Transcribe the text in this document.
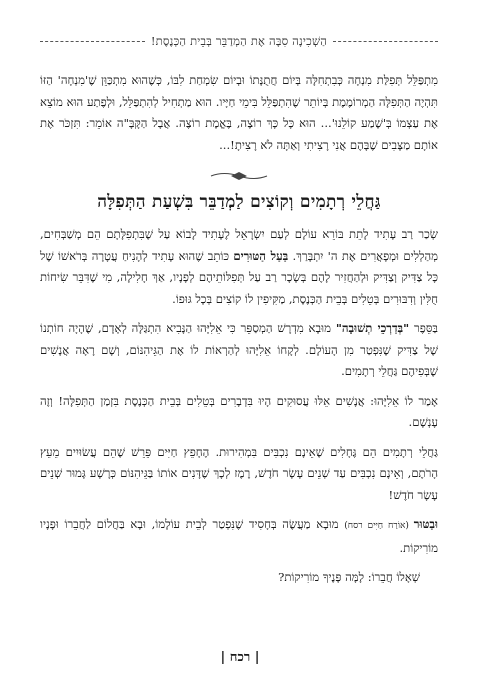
הַשְׁכִינָה סִבָּה אֶת הַמְדַבֵּר בְּבֵית הַכְּנֶסֶת!

מִתְפַּלֵּל תְּפִלַּת מִנְחָה כְּבִתְחִלָּה בְּיוֹם חֲתֻנָּתוֹ וּבְיוֹם שִׂמְחַת לִבּוֹ, כְּשֶׁהוּא מִתְכַּוֵּן שֶׁ'מִנְחָה' הַזּוֹ תִּהְיֶה הַתְּפִלָּה הַמְרוֹמֶמֶת בְּיוֹתֵר שֶׁהִתְפַּלֵּל בִּימֵי חַיָּיו. הוּא מַתְחִיל לְהִתְפַּלֵּל, וּלְפֶתַע הוּא מוֹצֵא אֶת עַצְמוֹ בְּ'שֶׁמַע קוֹלֵנוּ'... הוּא כָּל כָּךְ רוֹצֶה, בֶּאֱמֶת רוֹצֶה. אֲבָל הַקָּבָּ"ה אוֹמֵר: תִּזְכֹּר אֶת אוֹתָם מַצָּבִים שֶׁבָּהֶם אֲנִי רָצִיתִי וְאַתָּה לֹא רָצִיתָ!...

גַּחֲלֵי רְתָמִים וְקוֹצִים לַמְדַבֵּר בִּשְׁעַת הַתְּפִלָּה

שְׂכַר רַב עָתִיד לָתֵת בּוֹרֵא עוֹלָם לְעַם יִשְׂרָאֵל לֶעָתִיד לָבוֹא עַל שֶׁבִּתְפִלָּתָם הֵם מְשַׁבְּחִים, מְהַלְלִים וּמְפָאֲרִים אֶת ה' יִתְבָּרַךְ. בַּעַל הַטּוּרִים כּוֹתֵב שֶׁהוּא עָתִיד לְהָנִיחַ עֲטָרָה בְּרֹאשׁוֹ שֶׁל כָּל צַדִּיק וְצַדִּיק וּלְהַחֲזִיר לָהֶם בְּשָׂכָר רַב עַל תְּפִלּוֹתֵיהֶם לְפָנָיו, אַךְ חָלִילָה, מִי שֶׁדִּבֵּר שִׂיחוֹת חֻלִּין וְדִבּוּרִים בְּטֵלִים בְּבֵית הַכְּנֶסֶת, מַקִּיפִין לוֹ קוֹצִים בְּכָל גּוּפוֹ.

בַּסֵּפֶר "בְּדַרְכֵי תְשׁוּבָה" מוּבָא מִדְרָשׁ הַמְסַפֵּר כִּי אֵלִיָּהוּ הַנָּבִיא הִתְגַּלָּה לְאָדָם, שֶׁהָיָה חוֹתְנוֹ שֶׁל צַדִּיק שֶׁנִּפְטַר מִן הָעוֹלָם. לְקָחוֹ אֵלִיָּהוּ לְהַרְאוֹת לוֹ אֶת הַגֵּיהִנּוֹם, וְשָׁם רָאָה אֲנָשִׁים שֶׁבְּפִיהֶם גַּחֲלֵי רְתָמִים.

אָמַר לוֹ אֵלִיָּהוּ: אֲנָשִׁים אֵלּוּ עֲסוּקִים הָיוּ בִּדְבָרִים בְּטֵלִים בְּבֵית הַכְּנֶסֶת בִּזְמַן הַתְּפִלָּה! וְזֶה עָנְשָׁם.

גַּחֲלֵי רְתָמִים הֵם גֶּחָלִים שֶׁאֵינָם נִכְבִּים בִּמְהִירוּת. הֶחָפֵץ חַיִּים פֵּרֵשׁ שֶׁהֵם עֲשׂוּיִים מֵעֵץ הָרֹתֶם, וְאֵינָם נִכְבִּים עַד שְׁנֵים עָשָׂר חֹדֶשׁ, רֶמֶז לְכָךְ שֶׁדָּנִים אוֹתוֹ בַּגֵּיהִנּוֹם כְּרָשָׁע גָּמוּר שְׁנֵים עָשָׂר חֹדֶשׁ!

וּבַטּוּר (אוֹרַח חַיִּים רסח) מוּבָא מַעֲשֶׂה בְּחָסִיד שֶׁנִּפְטַר לְבֵית עוֹלָמוֹ, וּבָא בַּחֲלוֹם לַחֲבֵרוֹ וּפָנָיו מוֹרִיקוֹת.

שְׁאָלוֹ חֲבֵרוֹ: לָמָּה פָּנֶיךָ מוֹרִיקוֹת?

| רכח |
